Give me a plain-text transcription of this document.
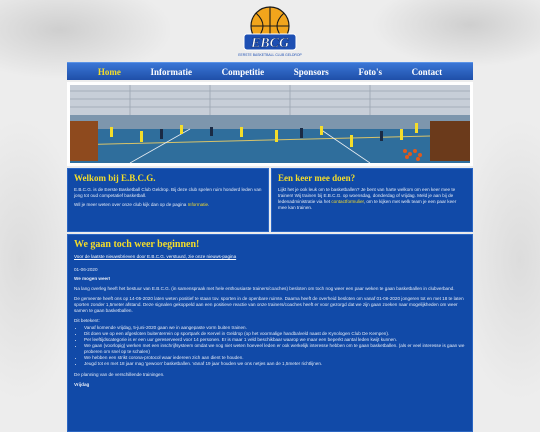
EBCG
EERSTE BASKETBALL CLUB GELDROP
Home	Informatie	Competitie	Sponsors	Foto's	Contact
Welkom bij E.B.C.G.

E.B.C.G. is de Eerste Basketball Club Geldrop. Bij deze club spelen ruim honderd leden van jong tot oud competatief basketball.

Wil je meer weten over onze club kijk dan op de pagina Informatie.

Een keer mee doen?

Lijkt het je ook leuk om te basketballen? Je bent van harte welkom om een keer mee te trainen! Wij trainen bij E.B.C.G. op woensdag, donderdag of vrijdag. Meld je aan bij de ledenadministratie via het contactformulier, om te kijken met welk team je een paar keer mee kan trainen.

We gaan toch weer beginnen!
Voor de laatste nieuwsbrieven door E.B.C.G. verstuurd, zie onze nieuws-pagina

01-06-2020

We mogen weer!

Na lang overleg heeft het bestuur van E.B.C.G. (in samenspraak met hele enthousiaste trainers/coaches) besloten om toch nog weer een paar weken te gaan basketballen in clubverband.

De gemeente heeft ons op 14-05-2020 laten weten positief te staan tov. sporten in de openbare ruimte. Daarna heeft de overheid besloten om vanaf 01-06-2020 jongeren tot en met 18 te laten sporten zonder 1,5meter afstand. Deze signalen gekoppeld aan een positieve reactie van onze trainers/coaches heeft er voor gezorgd dat we zijn gaan zoeken naar mogelijkheden om weer samen te gaan basketballen.

Dit betekent:

• Vanaf komende vrijdag, 5-juni-2020 gaan we in aangepaste vorm buiten trainen.
• Dit doen we op een afgesloten buitenterrein op sportpark de Kervel in Geldrop (op het voormalige handbalveld naast de Kynologen Club De Kempen).
• Per leeftijdscategorie is er een uur gereserveerd voor 14 personen. Er is maar 1 veld beschikbaar waarop we maar een beperkt aantal leden kwijt kunnen.
• We gaan (voorlopig) werken met een inschrijfsysteem omdat we nog niet weten hoeveel leden er ook werkelijk interesse hebben om te gaan basketballen. (als er veel interesse is gaan we proberen om snel op te schalen)
• We hebben een strikt corona-protocol waar iedereen zich aan dient te houden.
• Jeugd tot en met 18 jaar mag 'gewoon' basketballen. Vanaf 19 jaar houden we ons netjes aan de 1,5meter richtlijnen.

De planning van de verschillende trainingen.

Vrijdag
